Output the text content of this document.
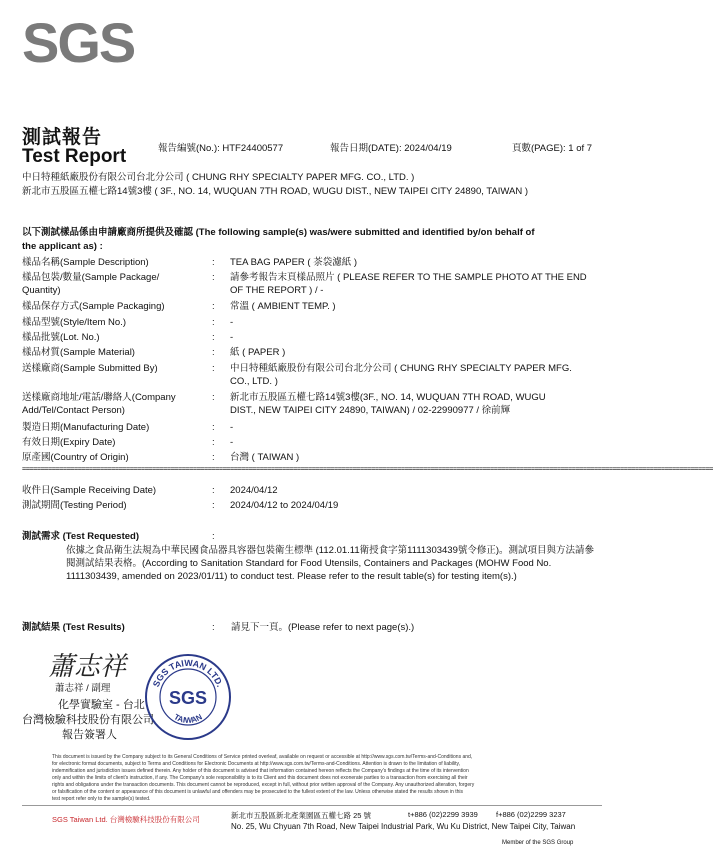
SGS
測試報告
Test Report	報告編號(No.): HTF24400577	報告日期(DATE): 2024/04/19	頁數(PAGE): 1 of 7
中日特種紙廠股份有限公司台北分公司 ( CHUNG RHY SPECIALTY PAPER MFG. CO., LTD. )
新北市五股區五權七路14號3樓 ( 3F., NO. 14, WUQUAN 7TH ROAD, WUGU DIST., NEW TAIPEI CITY 24890, TAIWAN )
以下測試樣品係由申請廠商所提供及確認 (The following sample(s) was/were submitted and identified by/on behalf of
the applicant as) :
樣品名稱(Sample Description)	: TEA BAG PAPER ( 茶袋濾紙 )
樣品包裝/數量(Sample Package/ Quantity)
: 請參考報告末頁樣品照片 ( PLEASE REFER TO THE SAMPLE PHOTO AT THE END OF THE REPORT ) / -
樣品保存方式(Sample Packaging)	: 常溫 ( AMBIENT TEMP. )
樣品型號(Style/Item No.)	: -
樣品批號(Lot. No.)	: -
樣品材質(Sample Material)	: 紙 ( PAPER )
送樣廠商(Sample Submitted By)	: 中日特種紙廠股份有限公司台北分公司 ( CHUNG RHY SPECIALTY PAPER MFG. CO., LTD. )
送樣廠商地址/電話/聯絡人(Company Add/Tel/Contact Person)
: 新北市五股區五權七路14號3樓(3F., NO. 14, WUQUAN 7TH ROAD, WUGU DIST., NEW TAIPEI CITY 24890, TAIWAN) / 02-22990977 / 徐前輝
製造日期(Manufacturing Date)	: -
有效日期(Expiry Date)	: -
原產國(Country of Origin)	: 台灣 ( TAIWAN )
==========================================================================================================================================================================================
收件日(Sample Receiving Date)	: 2024/04/12
測試期間(Testing Period)	: 2024/04/12 to 2024/04/19
測試需求 (Test Requested)	:
依據之食品衛生法規為中華民國食品器具容器包裝衛生標準 (112.01.11衛授食字第1111303439號令修正)。測試項目與方法請參閱測試結果表格。(According to Sanitation Standard for Food Utensils, Containers and Packages (MOHW Food No. 1111303439, amended on 2023/01/11) to conduct test. Please refer to the result table(s) for testing item(s).)
測試結果 (Test Results)	: 請見下一頁。(Please refer to next page(s).)
蕭志祥
蕭志祥 / 副理
化學實驗室 - 台北
台灣檢驗科技股份有限公司
報告簽署人
SGS TAIWAN LTD.
TAIWAN
SGS
This document is issued by the Company subject to its General Conditions of Service printed overleaf, available on request or accessible at http://www.sgs.com.tw/Terms-and-Conditions and,
for electronic format documents, subject to Terms and Conditions for Electronic Documents at http://www.sgs.com.tw/Terms-and-Conditions. Attention is drawn to the limitation of liability,
indemnification and jurisdiction issues defined therein. Any holder of this document is advised that information contained hereon reflects the Company's findings at the time of its intervention
only and within the limits of client's instruction, if any. The Company's sole responsibility is to its Client and this document does not exonerate parties to a transaction from exercising all their
rights and obligations under the transaction documents. This document cannot be reproduced, except in full, without prior written approval of the Company. Any unauthorized alteration, forgery
or falsification of the content or appearance of this document is unlawful and offenders may be prosecuted to the fullest extent of the law. Unless otherwise stated the results shown in this
test report refer only to the sample(s) tested.
SGS Taiwan Ltd. 台灣檢驗科技股份有限公司	新北市五股區新北產業園區五權七路 25 號	t+886 (02)2299 3939 f+886 (02)2299 3237
No. 25, Wu Chyuan 7th Road, New Taipei Industrial Park, Wu Ku District, New Taipei City, Taiwan
Member of the SGS Group
